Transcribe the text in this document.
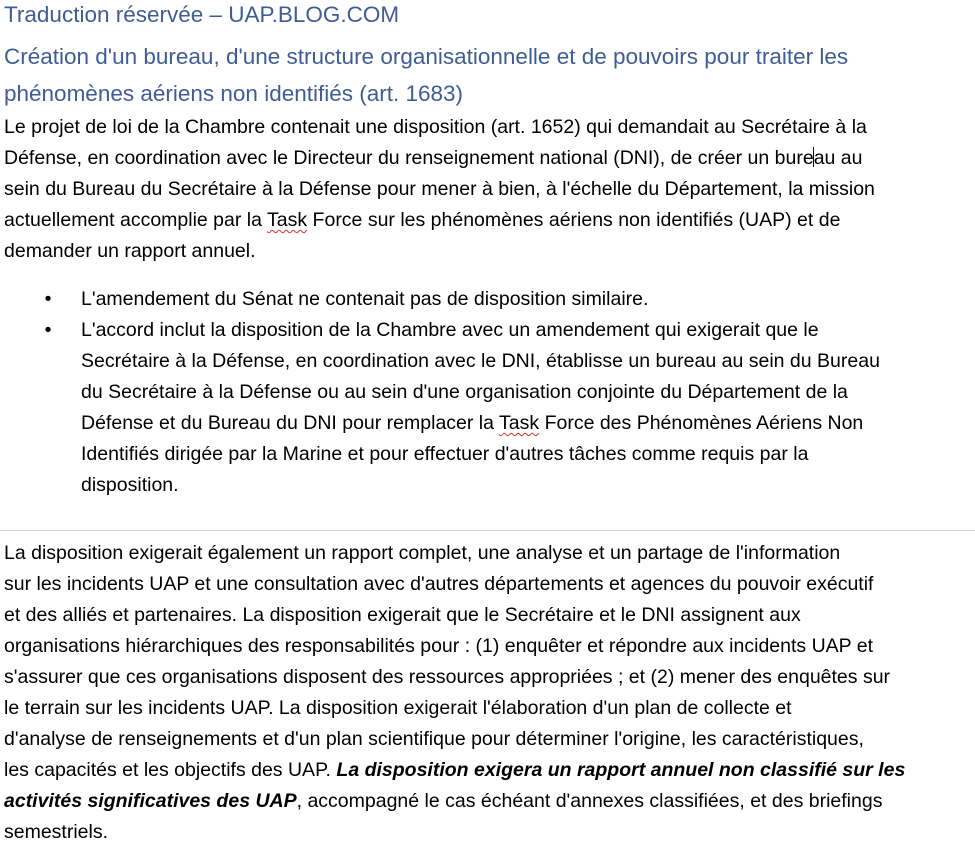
Traduction réservée – UAP.BLOG.COM
Création d'un bureau, d'une structure organisationnelle et de pouvoirs pour traiter les
phénomènes aériens non identifiés (art. 1683)
Le projet de loi de la Chambre contenait une disposition (art. 1652) qui demandait au Secrétaire à la
Défense, en coordination avec le Directeur du renseignement national (DNI), de créer un bureau au
sein du Bureau du Secrétaire à la Défense pour mener à bien, à l'échelle du Département, la mission
actuellement accomplie par la Task Force sur les phénomènes aériens non identifiés (UAP) et de
demander un rapport annuel.
• L'amendement du Sénat ne contenait pas de disposition similaire.
• L'accord inclut la disposition de la Chambre avec un amendement qui exigerait que le
Secrétaire à la Défense, en coordination avec le DNI, établisse un bureau au sein du Bureau
du Secrétaire à la Défense ou au sein d'une organisation conjointe du Département de la
Défense et du Bureau du DNI pour remplacer la Task Force des Phénomènes Aériens Non
Identifiés dirigée par la Marine et pour effectuer d'autres tâches comme requis par la
disposition.
La disposition exigerait également un rapport complet, une analyse et un partage de l'information
sur les incidents UAP et une consultation avec d'autres départements et agences du pouvoir exécutif
et des alliés et partenaires. La disposition exigerait que le Secrétaire et le DNI assignent aux
organisations hiérarchiques des responsabilités pour : (1) enquêter et répondre aux incidents UAP et
s'assurer que ces organisations disposent des ressources appropriées ; et (2) mener des enquêtes sur
le terrain sur les incidents UAP. La disposition exigerait l'élaboration d'un plan de collecte et
d'analyse de renseignements et d'un plan scientifique pour déterminer l'origine, les caractéristiques,
les capacités et les objectifs des UAP. La disposition exigera un rapport annuel non classifié sur les
activités significatives des UAP, accompagné le cas échéant d'annexes classifiées, et des briefings
semestriels.
